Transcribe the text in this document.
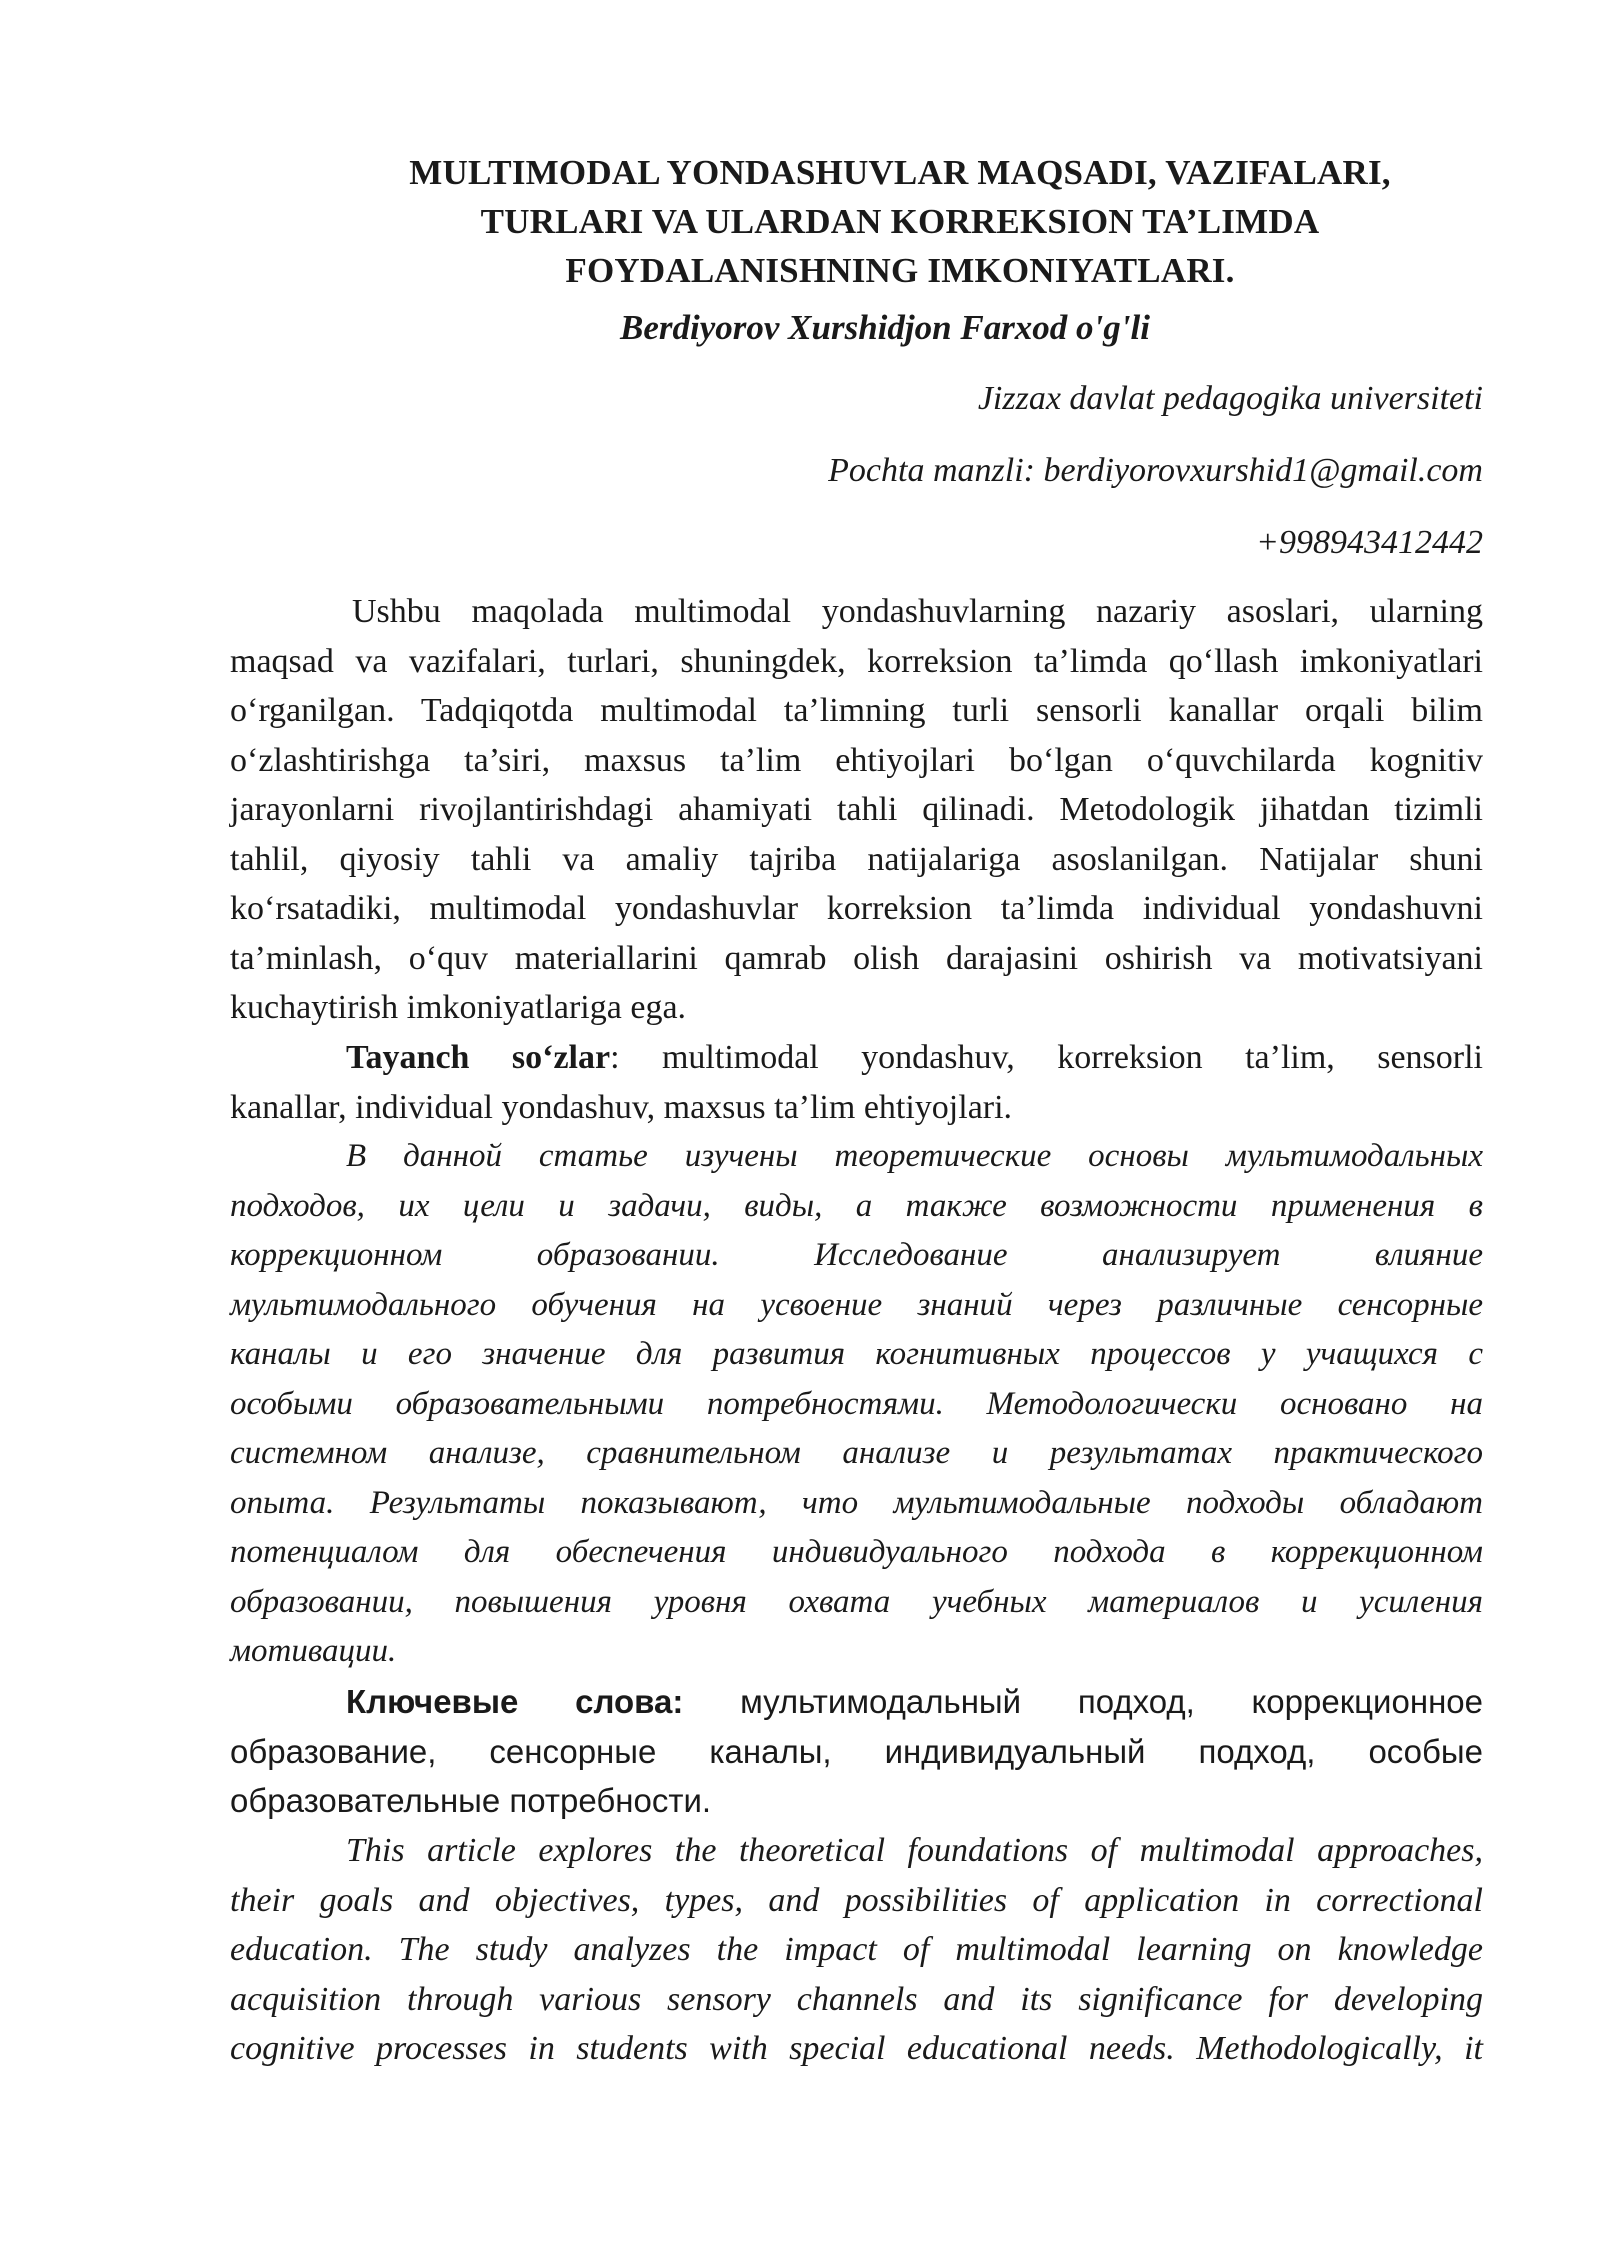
MULTIMODAL YONDASHUVLAR MAQSADI, VAZIFALARI,
TURLARI VA ULARDAN KORREKSION TA’LIMDA
FOYDALANISHNING IMKONIYATLARI.
Berdiyorov Xurshidjon Farxod o'g'li
Jizzax davlat pedagogika universiteti
Pochta manzli: berdiyorovxurshid1@gmail.com
+998943412442
Ushbu maqolada multimodal yondashuvlarning nazariy asoslari, ularning
maqsad va vazifalari, turlari, shuningdek, korreksion ta’limda qo‘llash imkoniyatlari
o‘rganilgan. Tadqiqotda multimodal ta’limning turli sensorli kanallar orqali bilim
o‘zlashtirishga ta’siri, maxsus ta’lim ehtiyojlari bo‘lgan o‘quvchilarda kognitiv
jarayonlarni rivojlantirishdagi ahamiyati tahli qilinadi. Metodologik jihatdan tizimli
tahlil, qiyosiy tahli va amaliy tajriba natijalariga asoslanilgan. Natijalar shuni
ko‘rsatadiki, multimodal yondashuvlar korreksion ta’limda individual yondashuvni
ta’minlash, o‘quv materiallarini qamrab olish darajasini oshirish va motivatsiyani
kuchaytirish imkoniyatlariga ega.
Tayanch so‘zlar: multimodal yondashuv, korreksion ta’lim, sensorli
kanallar, individual yondashuv, maxsus ta’lim ehtiyojlari.
В данной статье изучены теоретические основы мультимодальных
подходов, их цели и задачи, виды, а также возможности применения в
коррекционном образовании. Исследование анализирует влияние
мультимодального обучения на усвоение знаний через различные сенсорные
каналы и его значение для развития когнитивных процессов у учащихся с
особыми образовательными потребностями. Методологически основано на
системном анализе, сравнительном анализе и результатах практического
опыта. Результаты показывают, что мультимодальные подходы обладают
потенциалом для обеспечения индивидуального подхода в коррекционном
образовании, повышения уровня охвата учебных материалов и усиления
мотивации.
Ключевые слова: мультимодальный подход, коррекционное
образование, сенсорные каналы, индивидуальный подход, особые
образовательные потребности.
This article explores the theoretical foundations of multimodal approaches,
their goals and objectives, types, and possibilities of application in correctional
education. The study analyzes the impact of multimodal learning on knowledge
acquisition through various sensory channels and its significance for developing
cognitive processes in students with special educational needs. Methodologically, it
